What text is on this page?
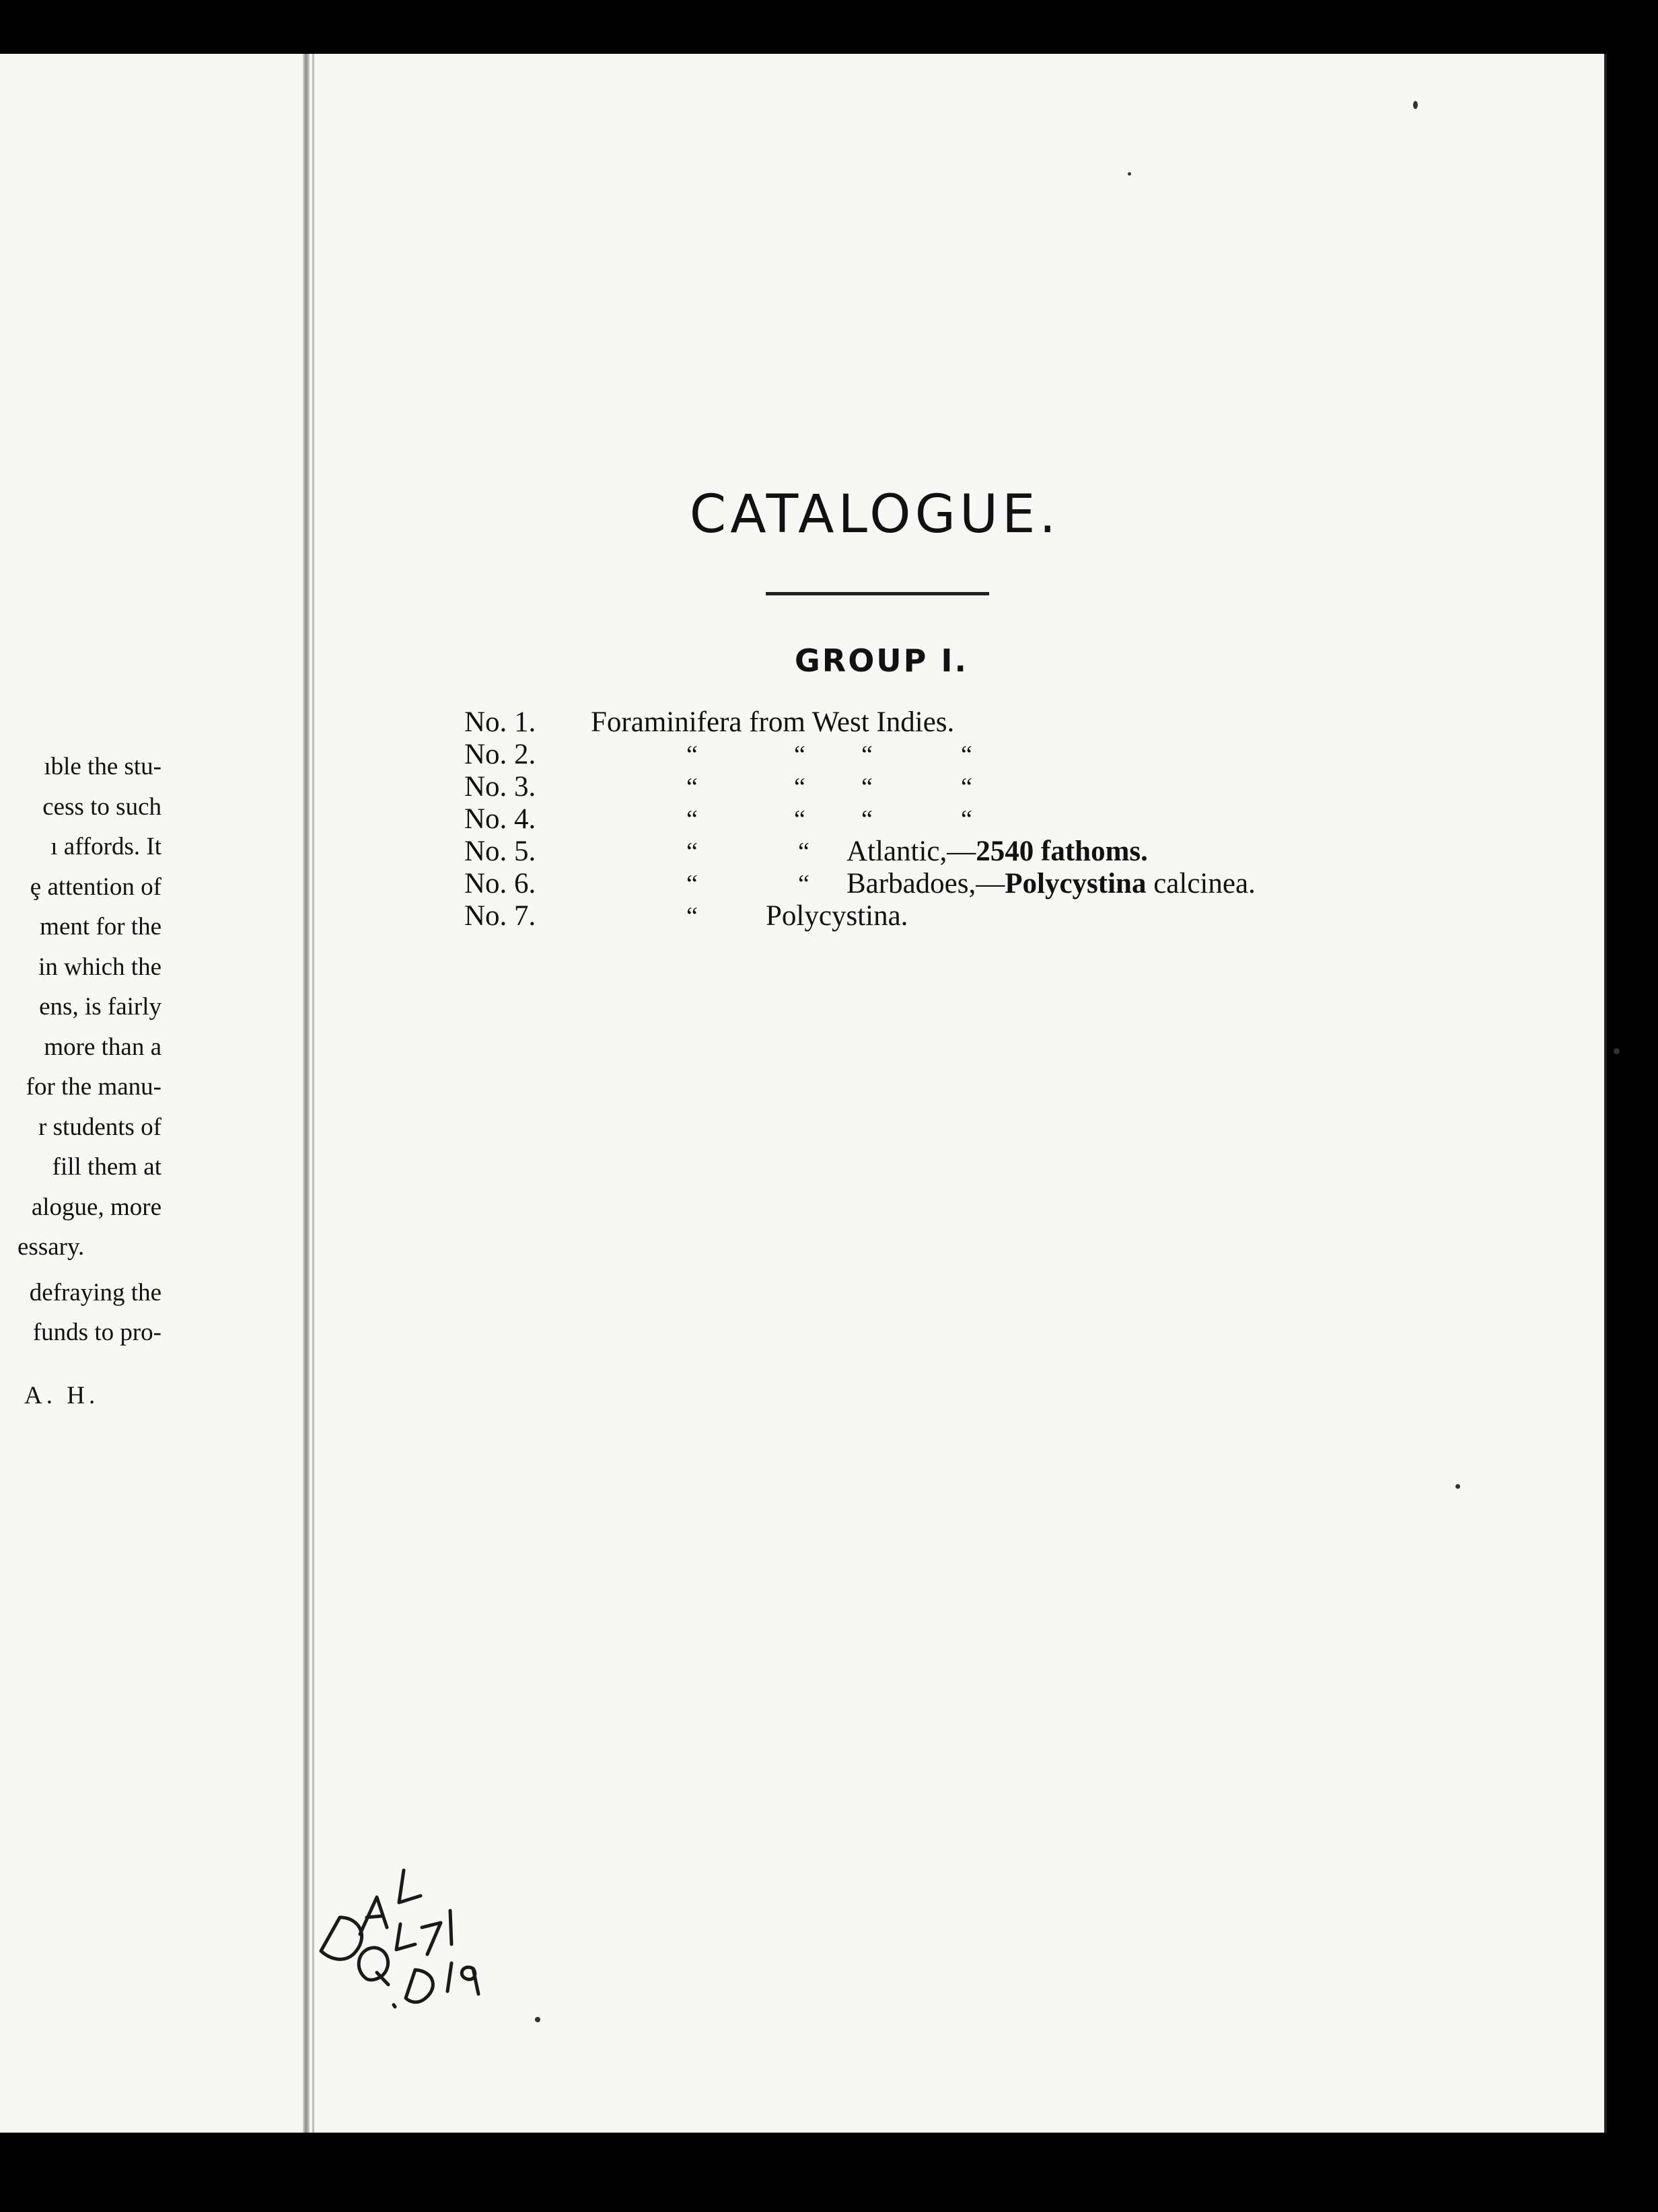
ıble the stu-
cess to such
ı affords. It
ȩ attention of
ment for the
in which the
ens, is fairly
more than a
for the manu-
r students of
fill them at
alogue, more
essary.
defraying the
funds to pro-
A. H.
CATALOGUE.
GROUP I.
No. 1. Foraminifera from West Indies.
No. 2.	“	“ “	“
No. 3.	“	“ “	“
No. 4.	“	“ “	“
No. 5.	“	“ Atlantic,—2540 fathoms.
No. 6.	“	“ Barbadoes,—Polycystina calcinea.
No. 7.	“ Polycystina.
